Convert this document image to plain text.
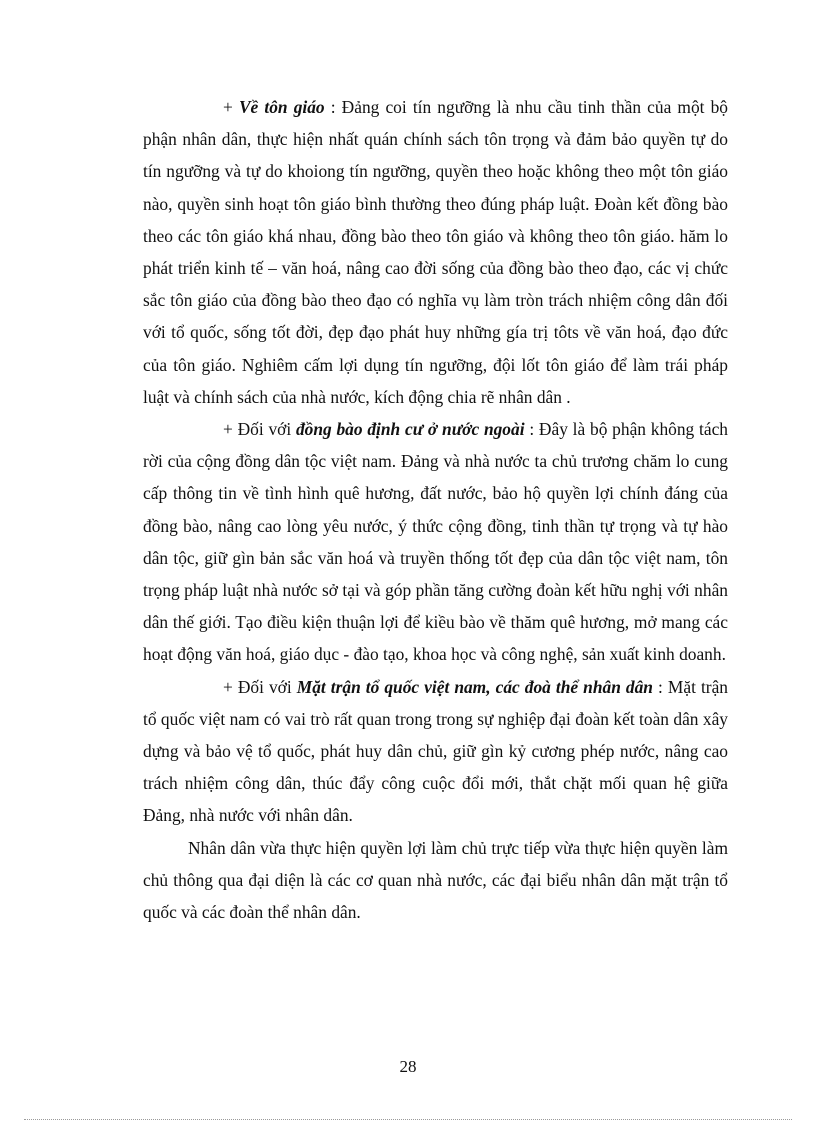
+ Về tôn giáo : Đảng coi tín ngưỡng là nhu cầu tinh thần của một bộ phận nhân dân, thực hiện nhất quán chính sách tôn trọng và đảm bảo quyền tự do tín ngưỡng và tự do khoiong tín ngưỡng, quyền theo hoặc không theo một tôn giáo nào, quyền sinh hoạt tôn giáo bình thường theo đúng pháp luật. Đoàn kết đồng bào theo các tôn giáo khá nhau, đồng bào theo tôn giáo và không theo tôn giáo. hăm lo phát triển kinh tế – văn hoá, nâng cao đời sống của đồng bào theo đạo, các vị chức sắc tôn giáo của đồng bào theo đạo có nghĩa vụ làm tròn trách nhiệm công dân đối với tổ quốc, sống tốt đời, đẹp đạo phát huy những gía trị tôts về văn hoá, đạo đức của tôn giáo. Nghiêm cấm lợi dụng tín ngưỡng, đội lốt tôn giáo để làm trái pháp luật và chính sách của nhà nước, kích động chia rẽ nhân dân .

+ Đối với đồng bào định cư ở nước ngoài : Đây là bộ phận không tách rời của cộng đồng dân tộc việt nam. Đảng và nhà nước ta chủ trương chăm lo cung cấp thông tin về tình hình quê hương, đất nước, bảo hộ quyền lợi chính đáng của đồng bào, nâng cao lòng yêu nước, ý thức cộng đồng, tinh thần tự trọng và tự hào dân tộc, giữ gìn bản sắc văn hoá và truyền thống tốt đẹp của dân tộc việt nam, tôn trọng pháp luật nhà nước sở tại và góp phần tăng cường đoàn kết hữu nghị với nhân dân thế giới. Tạo điều kiện thuận lợi để kiều bào về thăm quê hương, mở mang các hoạt động văn hoá, giáo dục - đào tạo, khoa học và công nghệ, sản xuất kinh doanh.

+ Đối với Mặt trận tổ quốc việt nam, các đoà thể nhân dân : Mặt trận tổ quốc việt nam có vai trò rất quan trong trong sự nghiệp đại đoàn kết toàn dân xây dựng và bảo vệ tổ quốc, phát huy dân chủ, giữ gìn kỷ cương phép nước, nâng cao trách nhiệm công dân, thúc đẩy công cuộc đổi mới, thắt chặt mối quan hệ giữa Đảng, nhà nước với nhân dân.

Nhân dân vừa thực hiện quyền lợi làm chủ trực tiếp vừa thực hiện quyền làm chủ thông qua đại diện là các cơ quan nhà nước, các đại biểu nhân dân mặt trận tổ quốc và các đoàn thể nhân dân.

28
